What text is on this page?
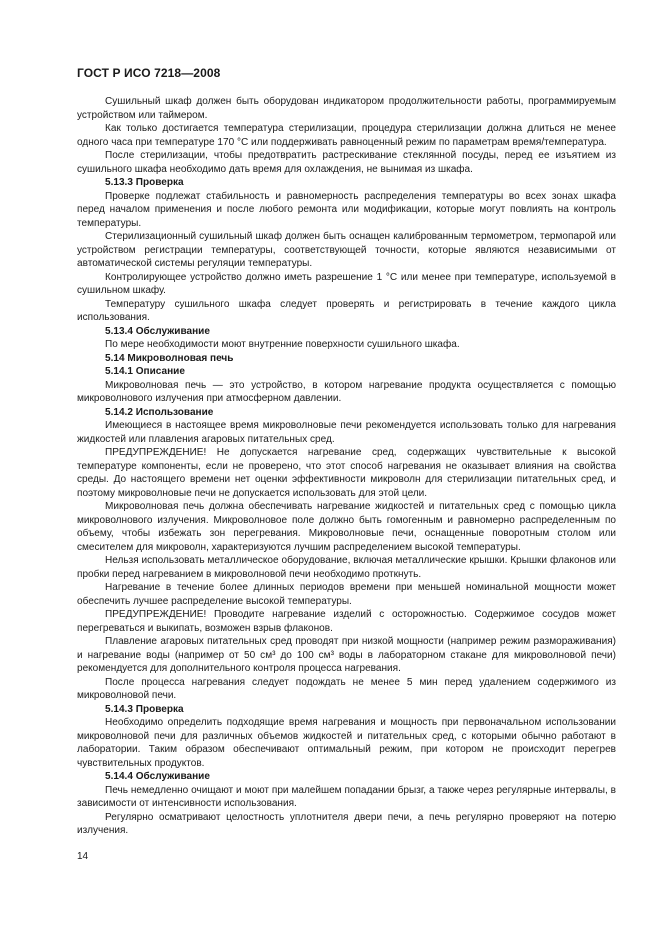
ГОСТ Р ИСО 7218—2008

Сушильный шкаф должен быть оборудован индикатором продолжительности работы, программируемым устройством или таймером.

Как только достигается температура стерилизации, процедура стерилизации должна длиться не менее одного часа при температуре 170 °С или поддерживать равноценный режим по параметрам время/температура.

После стерилизации, чтобы предотвратить растрескивание стеклянной посуды, перед ее изъятием из сушильного шкафа необходимо дать время для охлаждения, не вынимая из шкафа.

5.13.3 Проверка

Проверке подлежат стабильность и равномерность распределения температуры во всех зонах шкафа перед началом применения и после любого ремонта или модификации, которые могут повлиять на контроль температуры.

Стерилизационный сушильный шкаф должен быть оснащен калиброванным термометром, термопарой или устройством регистрации температуры, соответствующей точности, которые являются независимыми от автоматической системы регуляции температуры.

Контролирующее устройство должно иметь разрешение 1 °С или менее при температуре, используемой в сушильном шкафу.

Температуру сушильного шкафа следует проверять и регистрировать в течение каждого цикла использования.

5.13.4 Обслуживание

По мере необходимости моют внутренние поверхности сушильного шкафа.

5.14 Микроволновая печь

5.14.1 Описание

Микроволновая печь — это устройство, в котором нагревание продукта осуществляется с помощью микроволнового излучения при атмосферном давлении.

5.14.2 Использование

Имеющиеся в настоящее время микроволновые печи рекомендуется использовать только для нагревания жидкостей или плавления агаровых питательных сред.

ПРЕДУПРЕЖДЕНИЕ! Не допускается нагревание сред, содержащих чувствительные к высокой температуре компоненты, если не проверено, что этот способ нагревания не оказывает влияния на свойства среды. До настоящего времени нет оценки эффективности микроволн для стерилизации питательных сред, и поэтому микроволновые печи не допускается использовать для этой цели.

Микроволновая печь должна обеспечивать нагревание жидкостей и питательных сред с помощью цикла микроволнового излучения. Микроволновое поле должно быть гомогенным и равномерно распределенным по объему, чтобы избежать зон перегревания. Микроволновые печи, оснащенные поворотным столом или смесителем для микроволн, характеризуются лучшим распределением высокой температуры.

Нельзя использовать металлическое оборудование, включая металлические крышки. Крышки флаконов или пробки перед нагреванием в микроволновой печи необходимо проткнуть.

Нагревание в течение более длинных периодов времени при меньшей номинальной мощности может обеспечить лучшее распределение высокой температуры.

ПРЕДУПРЕЖДЕНИЕ! Проводите нагревание изделий с осторожностью. Содержимое сосудов может перегреваться и выкипать, возможен взрыв флаконов.

Плавление агаровых питательных сред проводят при низкой мощности (например режим размораживания) и нагревание воды (например от 50 см³ до 100 см³ воды в лабораторном стакане для микроволновой печи) рекомендуется для дополнительного контроля процесса нагревания.

После процесса нагревания следует подождать не менее 5 мин перед удалением содержимого из микроволновой печи.

5.14.3 Проверка

Необходимо определить подходящие время нагревания и мощность при первоначальном использовании микроволновой печи для различных объемов жидкостей и питательных сред, с которыми обычно работают в лаборатории. Таким образом обеспечивают оптимальный режим, при котором не происходит перегрев чувствительных продуктов.

5.14.4 Обслуживание

Печь немедленно очищают и моют при малейшем попадании брызг, а также через регулярные интервалы, в зависимости от интенсивности использования.

Регулярно осматривают целостность уплотнителя двери печи, а печь регулярно проверяют на потерю излучения.

14
